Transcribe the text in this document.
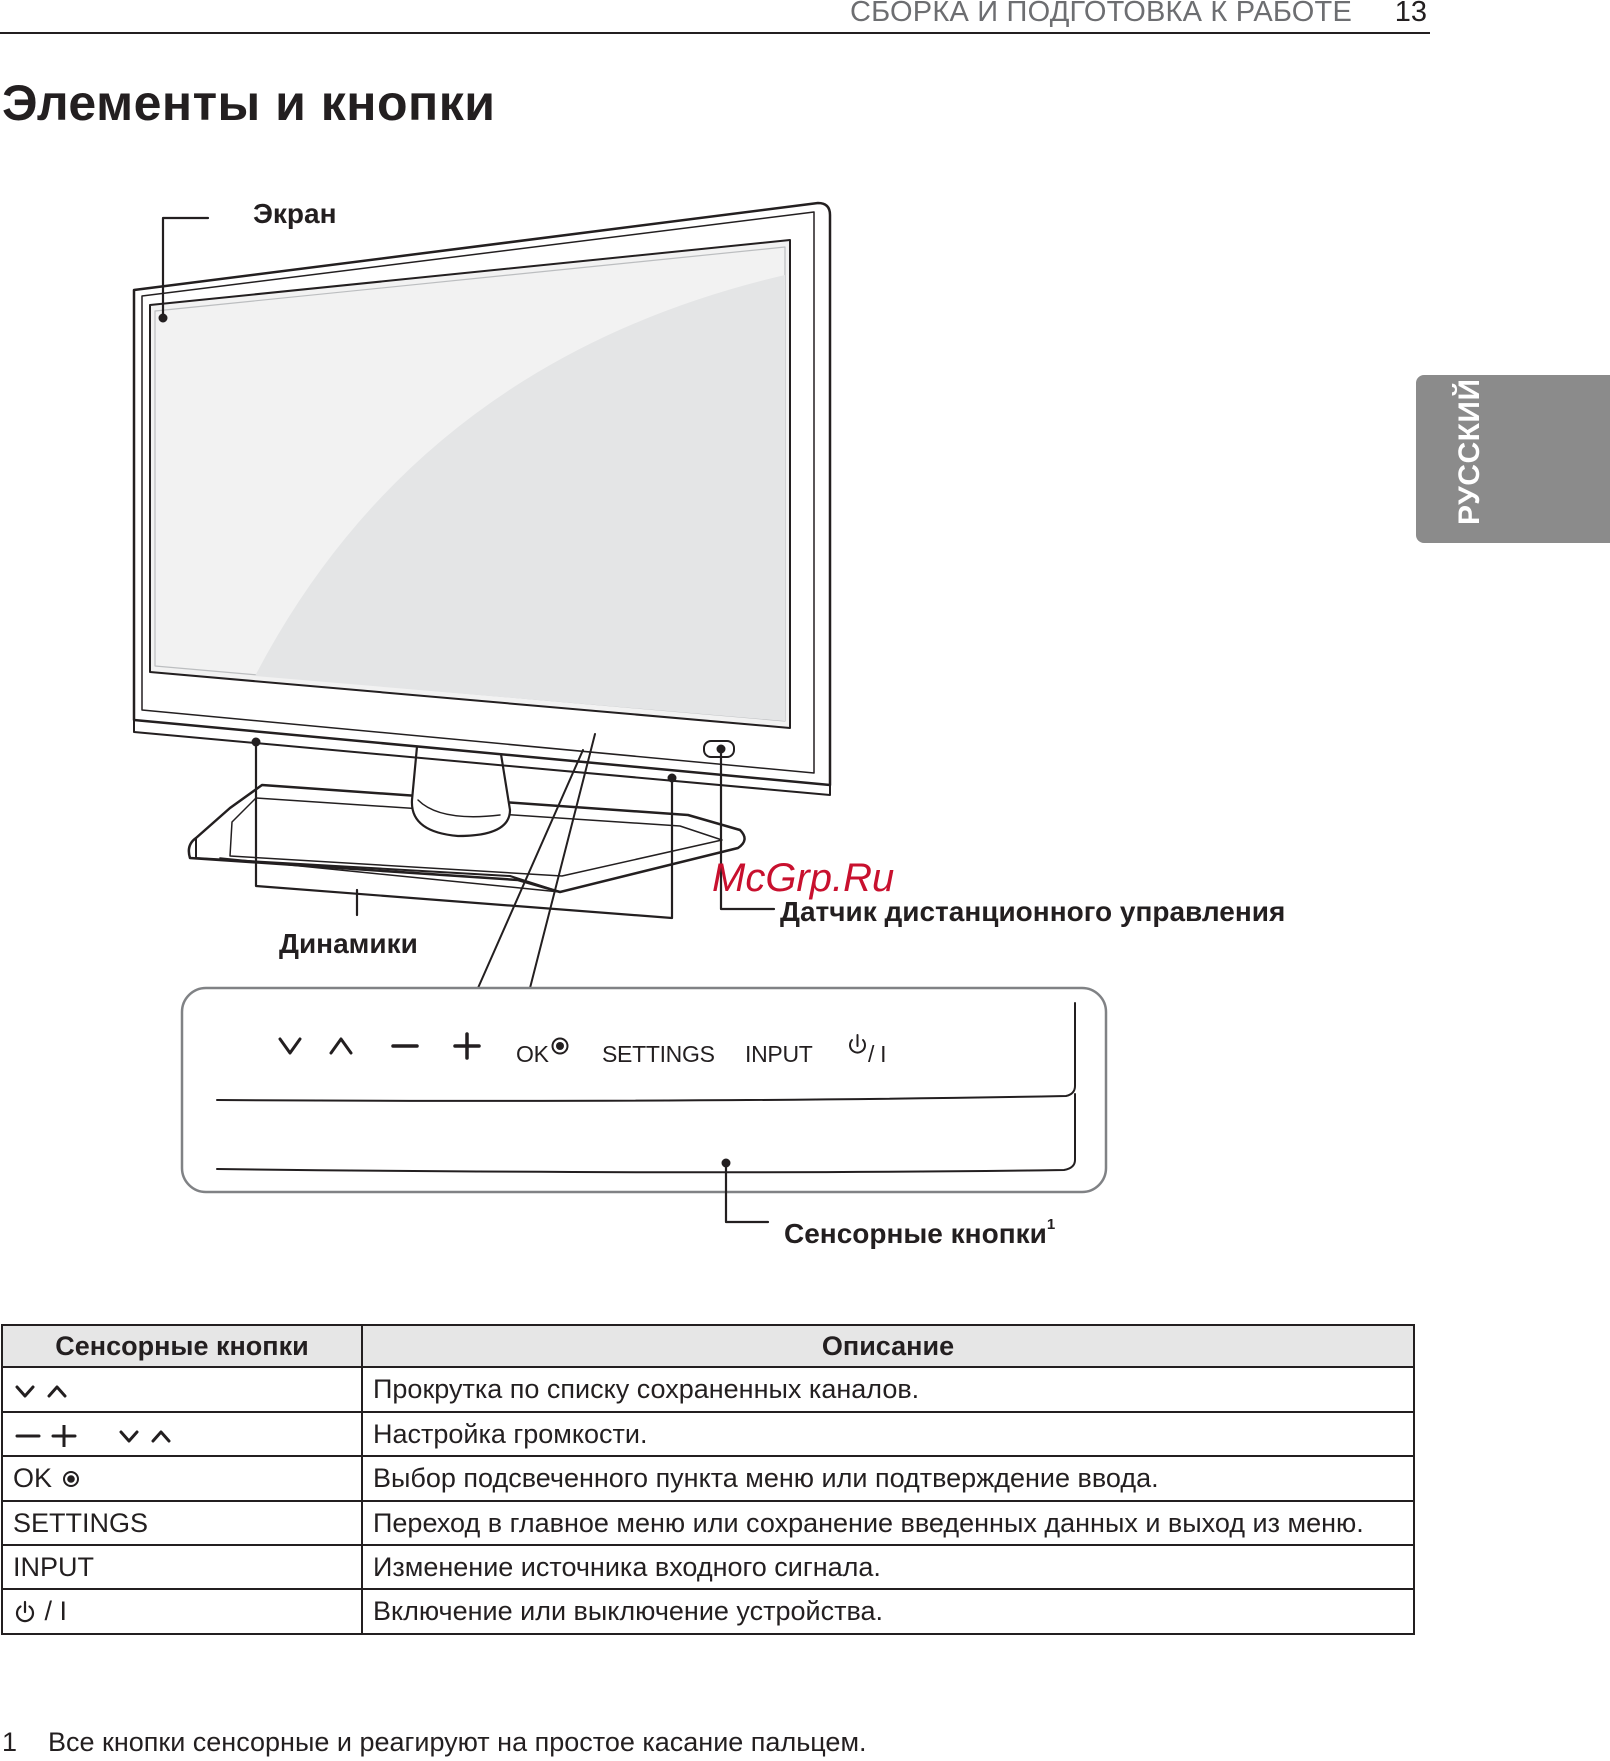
СБОРКА И ПОДГОТОВКА К РАБОТЕ 13
Элементы и кнопки
РУССКИЙ
Экран
Динамики
Датчик дистанционного управления
Сенсорные кнопки$^1$
McGrp.Ru
OK SETTINGS INPUT / I
Сенсорные кнопки	Описание
	Прокрутка по списку сохраненных каналов.
	Настройка громкости.
OK	Выбор подсвеченного пункта меню или подтверждение ввода.
SETTINGS	Переход в главное меню или сохранение введенных данных и выход из меню.
INPUT	Изменение источника входного сигнала.
/ I	Включение или выключение устройства.
1 Все кнопки сенсорные и реагируют на простое касание пальцем.
